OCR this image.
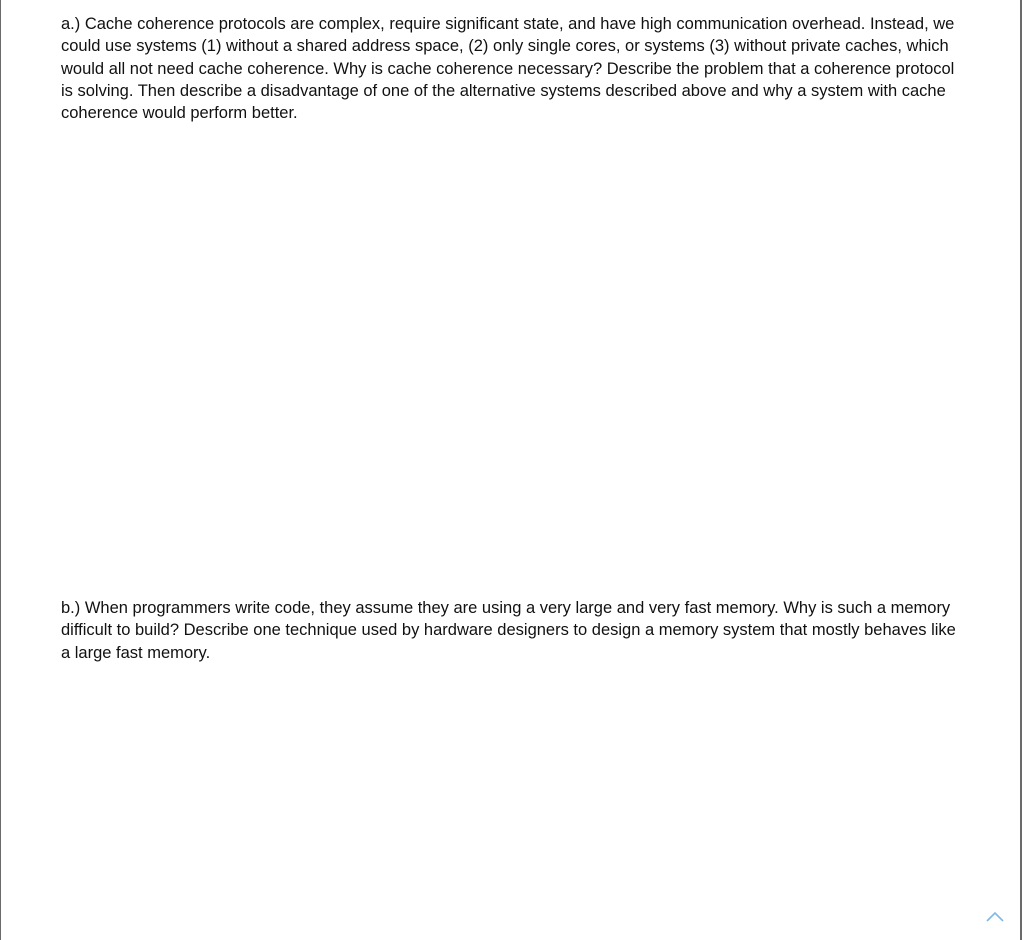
a.) Cache coherence protocols are complex, require significant state, and have high communication overhead. Instead, we could use systems (1) without a shared address space, (2) only single cores, or systems (3) without private caches, which would all not need cache coherence. Why is cache coherence necessary? Describe the problem that a coherence protocol is solving. Then describe a disadvantage of one of the alternative systems described above and why a system with cache coherence would perform better.

b.) When programmers write code, they assume they are using a very large and very fast memory. Why is such a memory difficult to build? Describe one technique used by hardware designers to design a memory system that mostly behaves like a large fast memory.
